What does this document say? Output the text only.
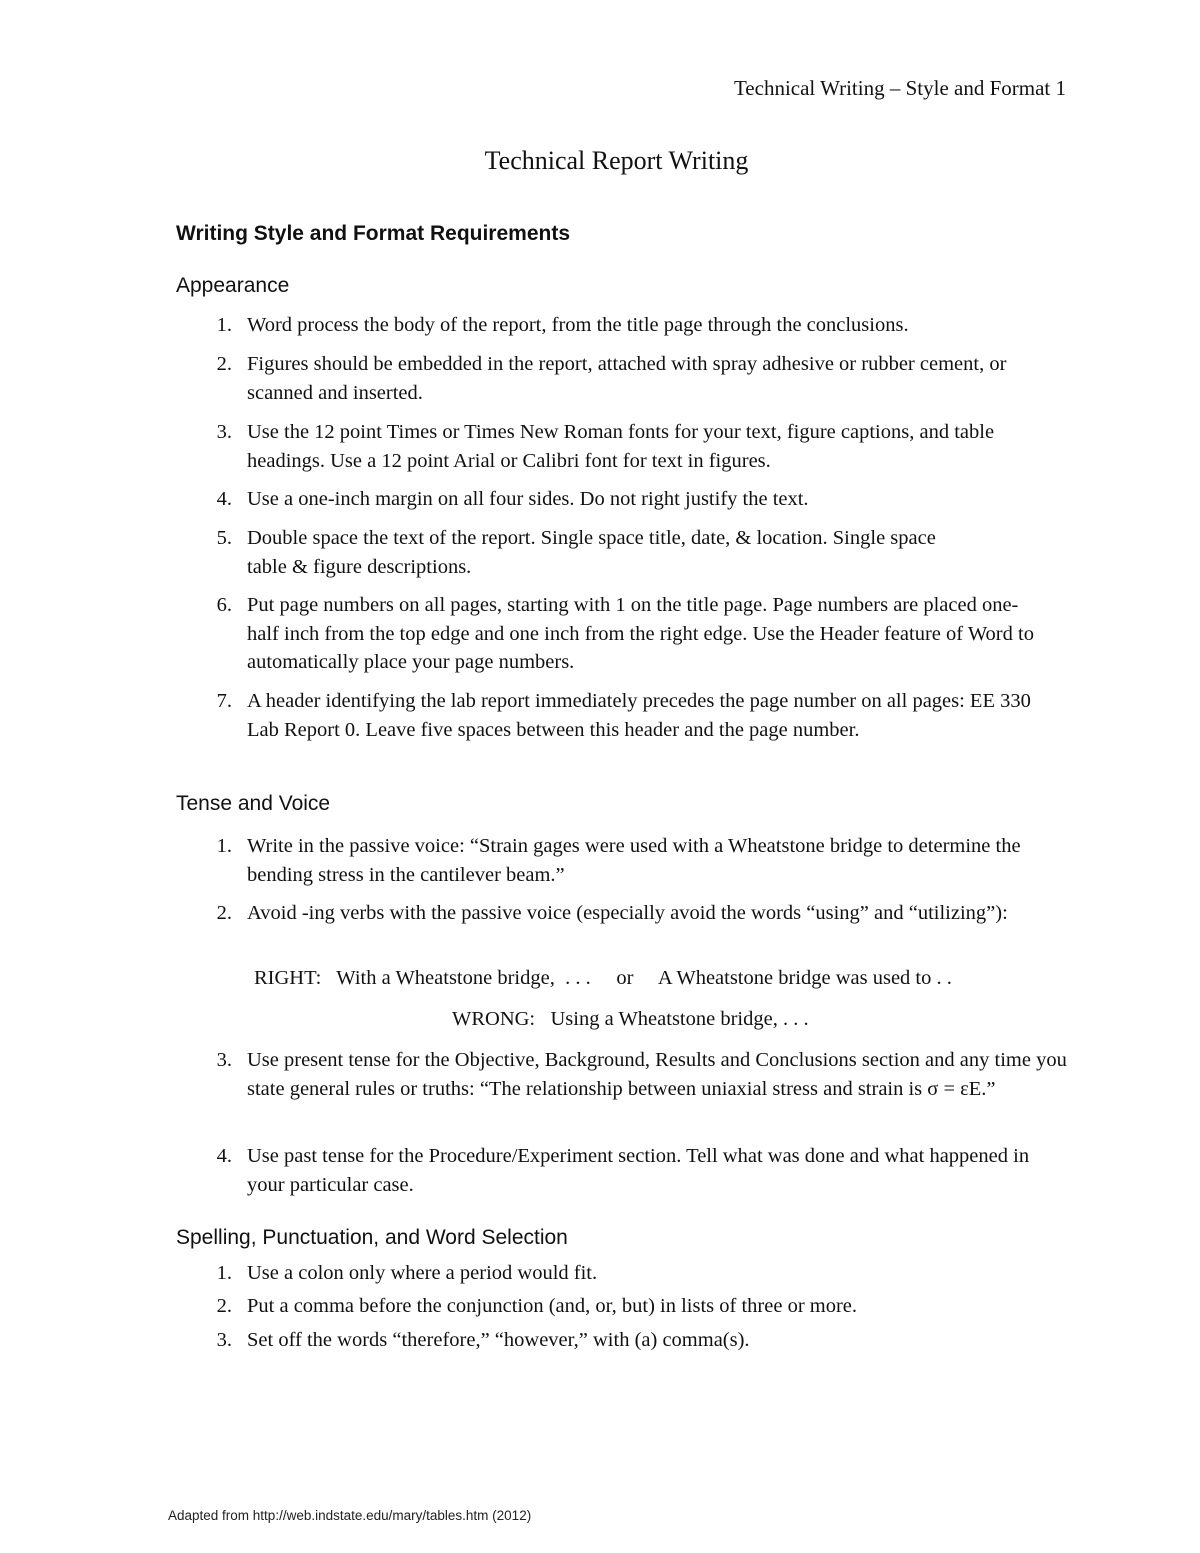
Technical Writing – Style and Format 1
Technical Report Writing
Writing Style and Format Requirements
Appearance
1. Word process the body of the report, from the title page through the conclusions.
2. Figures should be embedded in the report, attached with spray adhesive or rubber cement, or scanned and inserted.
3. Use the 12 point Times or Times New Roman fonts for your text, figure captions, and table headings. Use a 12 point Arial or Calibri font for text in figures.
4. Use a one-inch margin on all four sides. Do not right justify the text.
5. Double space the text of the report. Single space title, date, & location. Single space table & figure descriptions.
6. Put page numbers on all pages, starting with 1 on the title page. Page numbers are placed one-half inch from the top edge and one inch from the right edge. Use the Header feature of Word to automatically place your page numbers.
7. A header identifying the lab report immediately precedes the page number on all pages: EE 330 Lab Report 0. Leave five spaces between this header and the page number.
Tense and Voice
1. Write in the passive voice: “Strain gages were used with a Wheatstone bridge to determine the bending stress in the cantilever beam.”
2. Avoid -ing verbs with the passive voice (especially avoid the words “using” and “utilizing”):
RIGHT:   With a Wheatstone bridge,  . . .     or     A Wheatstone bridge was used to . .
WRONG:   Using a Wheatstone bridge, . . .
3. Use present tense for the Objective, Background, Results and Conclusions section and any time you state general rules or truths: “The relationship between uniaxial stress and strain is σ = εE.”
4. Use past tense for the Procedure/Experiment section. Tell what was done and what happened in your particular case.
Spelling, Punctuation, and Word Selection
1. Use a colon only where a period would fit.
2. Put a comma before the conjunction (and, or, but) in lists of three or more.
3. Set off the words “therefore,” “however,” with (a) comma(s).
Adapted from http://web.indstate.edu/mary/tables.htm (2012)
